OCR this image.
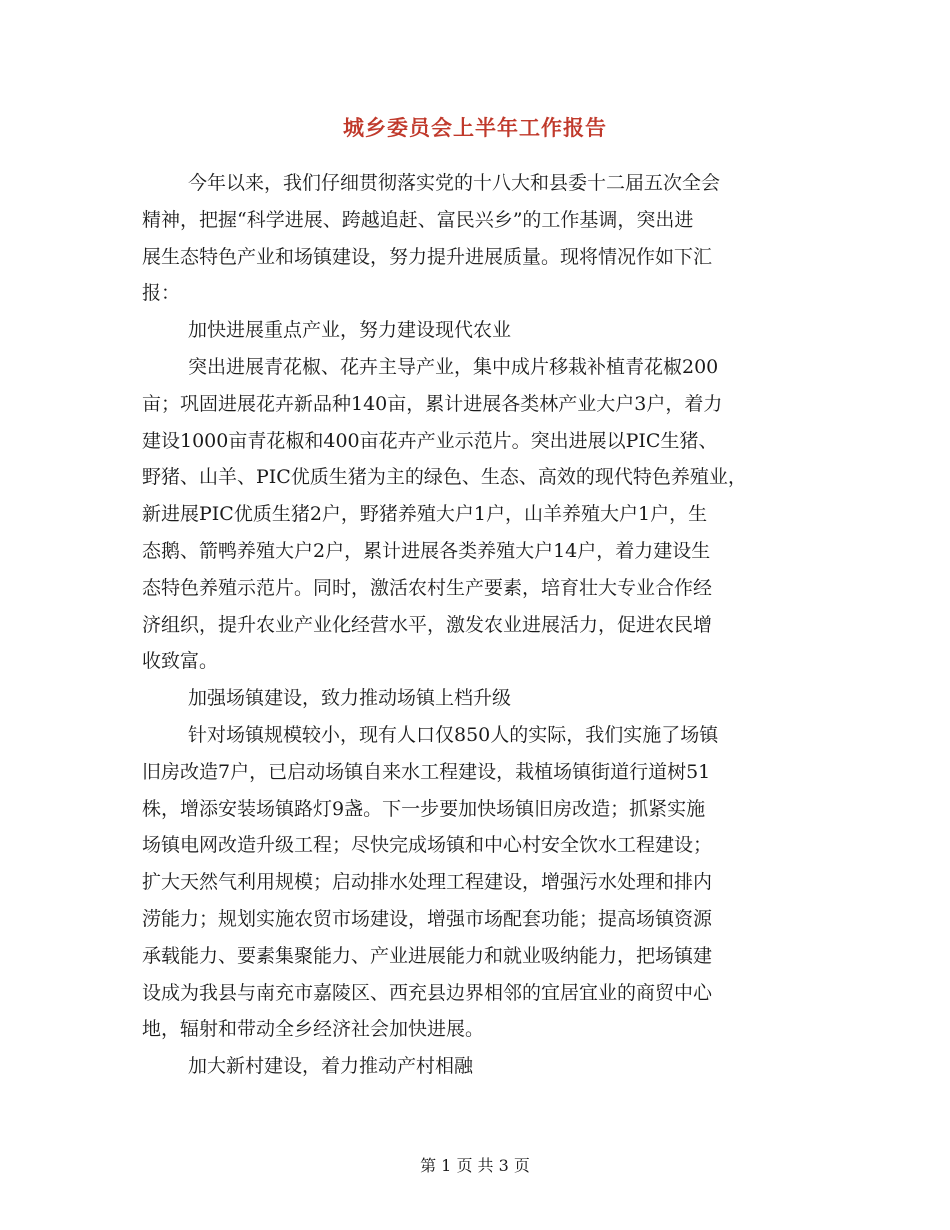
城乡委员会上半年工作报告
今年以来，我们仔细贯彻落实党的十八大和县委十二届五次全会
精神，把握“科学进展、跨越追赶、富民兴乡”的工作基调，突出进
展生态特色产业和场镇建设，努力提升进展质量。现将情况作如下汇
报：
加快进展重点产业，努力建设现代农业
突出进展青花椒、花卉主导产业，集中成片移栽补植青花椒200
亩；巩固进展花卉新品种140亩，累计进展各类林产业大户3户，着力
建设1000亩青花椒和400亩花卉产业示范片。突出进展以PIC生猪、
野猪、山羊、PIC优质生猪为主的绿色、生态、高效的现代特色养殖业，
新进展PIC优质生猪2户，野猪养殖大户1户，山羊养殖大户1户，生
态鹅、箭鸭养殖大户2户，累计进展各类养殖大户14户，着力建设生
态特色养殖示范片。同时，激活农村生产要素，培育壮大专业合作经
济组织，提升农业产业化经营水平，激发农业进展活力，促进农民增
收致富。
加强场镇建设，致力推动场镇上档升级
针对场镇规模较小，现有人口仅850人的实际，我们实施了场镇
旧房改造7户，已启动场镇自来水工程建设，栽植场镇街道行道树51
株，增添安装场镇路灯9盏。下一步要加快场镇旧房改造；抓紧实施
场镇电网改造升级工程；尽快完成场镇和中心村安全饮水工程建设；
扩大天然气利用规模；启动排水处理工程建设，增强污水处理和排内
涝能力；规划实施农贸市场建设，增强市场配套功能；提高场镇资源
承载能力、要素集聚能力、产业进展能力和就业吸纳能力，把场镇建
设成为我县与南充市嘉陵区、西充县边界相邻的宜居宜业的商贸中心
地，辐射和带动全乡经济社会加快进展。
加大新村建设，着力推动产村相融
第 1 页 共 3 页
